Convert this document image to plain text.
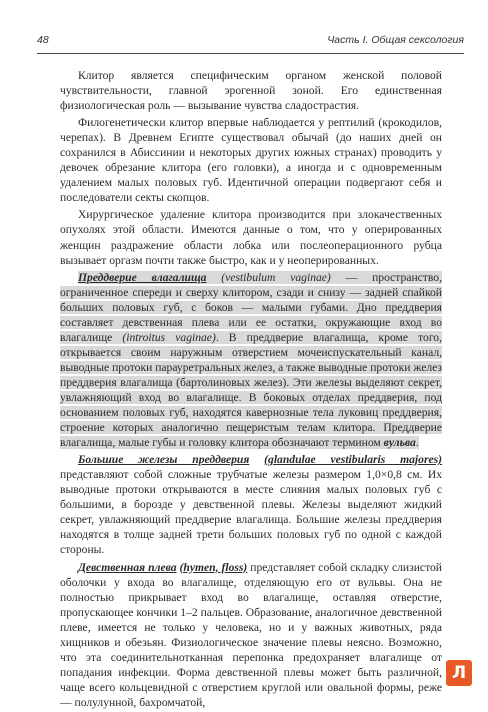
48	Часть I. Общая сексология

Клитор является специфическим органом женской половой чувствительности, главной эрогенной зоной. Его единственная физиологическая роль — вызывание чувства сладострастия.

Филогенетически клитор впервые наблюдается у рептилий (крокодилов, черепах). В Древнем Египте существовал обычай (до наших дней он сохранился в Абиссинии и некоторых других южных странах) проводить у девочек обрезание клитора (его головки), а иногда и с одновременным удалением малых половых губ. Идентичной операции подвергают себя и последователи секты скопцов.

Хирургическое удаление клитора производится при злокачественных опухолях этой области. Имеются данные о том, что у оперированных женщин раздражение области лобка или послеоперационного рубца вызывает оргазм почти также быстро, как и у неоперированных.

Преддверие влагалища (vestibulum vaginae) — пространство, ограниченное спереди и сверху клитором, сзади и снизу — задней спайкой больших половых губ, с боков — малыми губами. Дно преддверия составляет девственная плева или ее остатки, окружающие вход во влагалище (introitus vaginae). В преддверие влагалища, кроме того, открывается своим наружным отверстием мочеиспускательный канал, выводные протоки парауретральных желез, а также выводные протоки желез преддверия влагалища (бартолиновых желез). Эти железы выделяют секрет, увлажняющий вход во влагалище. В боковых отделах преддверия, под основанием половых губ, находятся кавернозные тела луковиц преддверия, строение которых аналогично пещеристым телам клитора. Преддверие влагалища, малые губы и головку клитора обозначают термином вульва.

Большие железы преддверия (glandulae vestibularis majores) представляют собой сложные трубчатые железы размером 1,0×0,8 см. Их выводные протоки открываются в месте слияния малых половых губ с большими, в борозде у девственной плевы. Железы выделяют жидкий секрет, увлажняющий преддверие влагалища. Большие железы преддверия находятся в толще задней трети больших половых губ по одной с каждой стороны.

Девственная плева (hymen, floss) представляет собой складку слизистой оболочки у входа во влагалище, отделяющую его от вульвы. Она не полностью прикрывает вход во влагалище, оставляя отверстие, пропускающее кончики 1–2 пальцев. Образование, аналогичное девственной плеве, имеется не только у человека, но и у важных животных, ряда хищников и обезьян. Физиологическое значение плевы неясно. Возможно, что эта соединительнотканная перепонка предохраняет влагалище от попадания инфекции. Форма девственной плевы может быть различной, чаще всего кольцевидной с отверстием круглой или овальной формы, реже — полулунной, бахромчатой,

Л
